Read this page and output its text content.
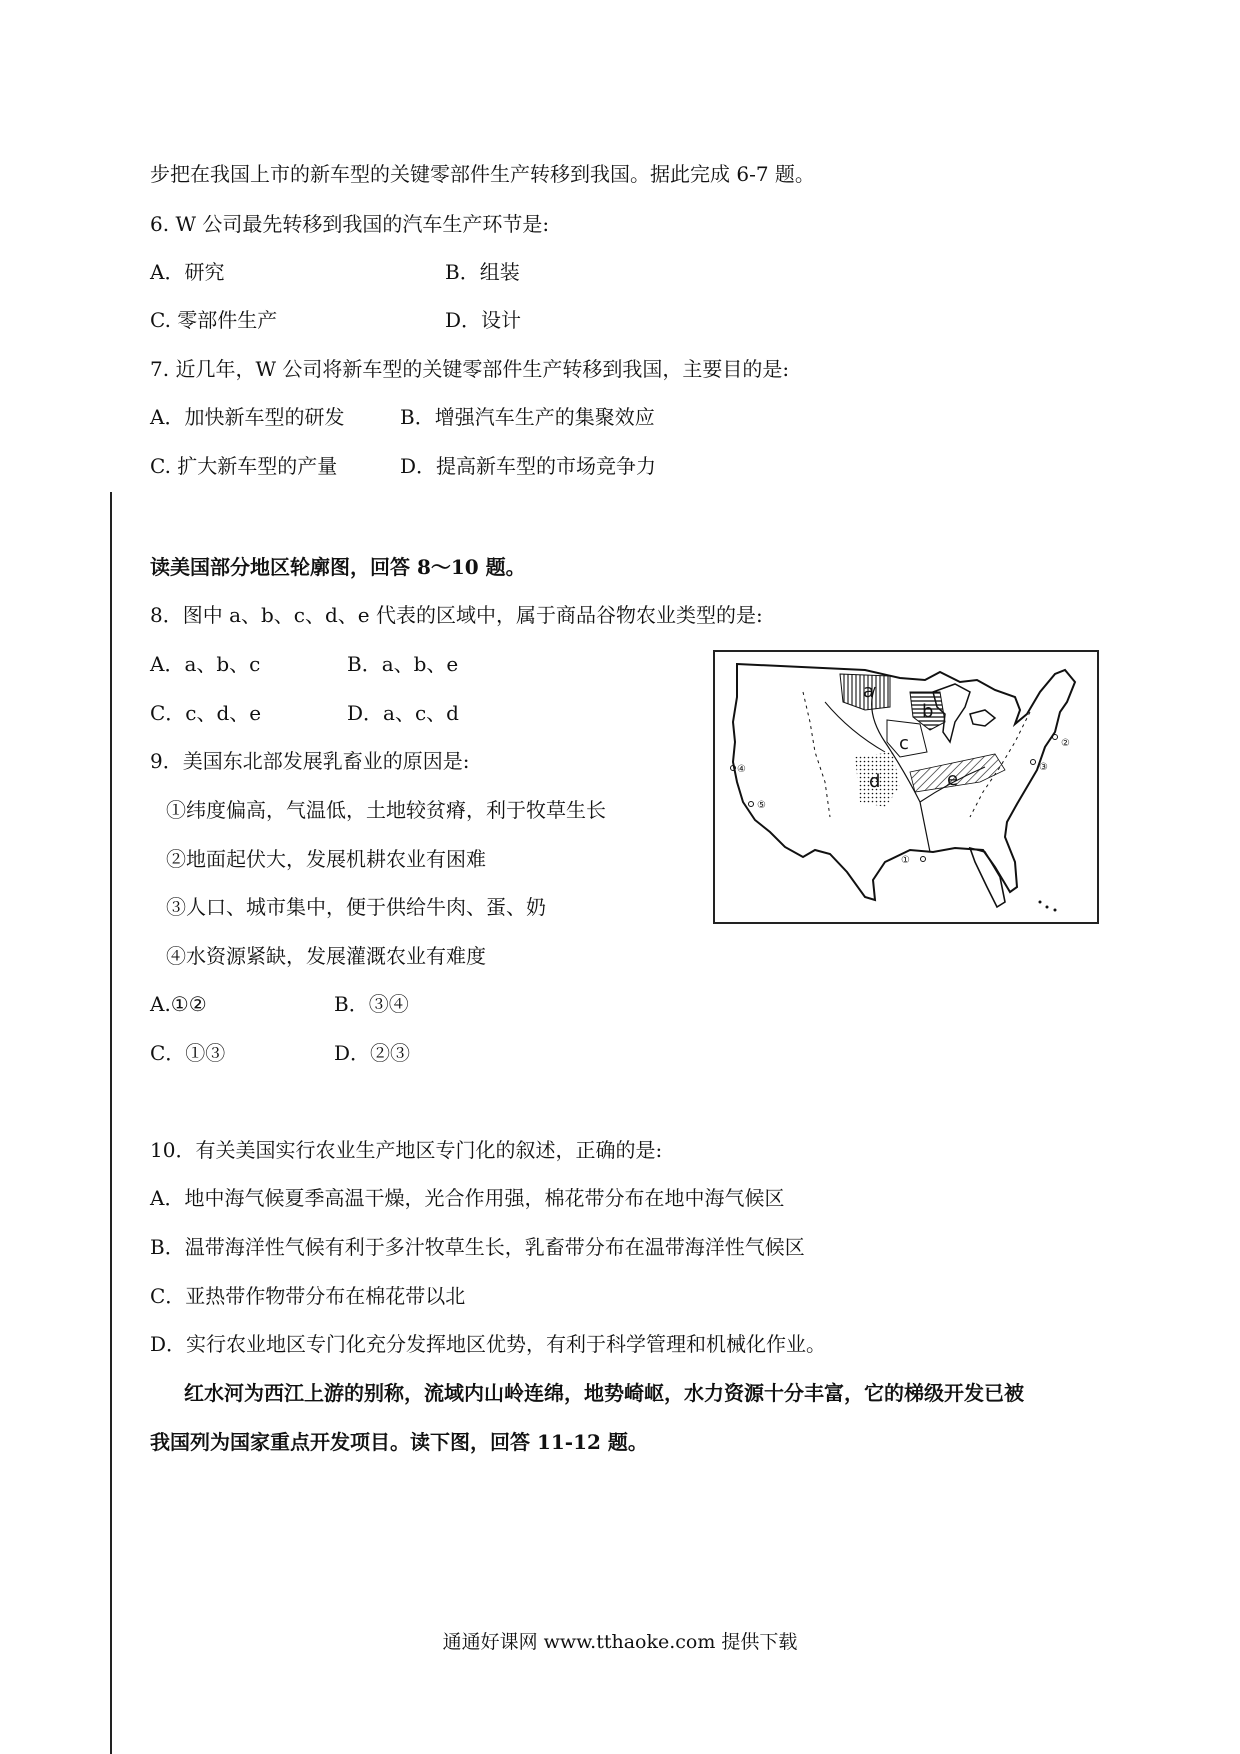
步把在我国上市的新车型的关键零部件生产转移到我国。据此完成 6-7 题。
6. W 公司最先转移到我国的汽车生产环节是:
A．研究	B．组装
C. 零部件生产	D．设计
7. 近几年，W 公司将新车型的关键零部件生产转移到我国，主要目的是:
A．加快新车型的研发	B．增强汽车生产的集聚效应
C. 扩大新车型的产量	D．提高新车型的市场竞争力
读美国部分地区轮廓图，回答 8～10 题。
8．图中 a、b、c、d、e 代表的区域中，属于商品谷物农业类型的是:
A．a、b、c	B．a、b、e
C．c、d、e	D．a、c、d
9．美国东北部发展乳畜业的原因是:
①纬度偏高，气温低，土地较贫瘠，利于牧草生长
②地面起伏大，发展机耕农业有困难
③人口、城市集中，便于供给牛肉、蛋、奶
④水资源紧缺，发展灌溉农业有难度
A.①②	B．③④
C．①③	D．②③
10．有关美国实行农业生产地区专门化的叙述，正确的是:
A．地中海气候夏季高温干燥，光合作用强，棉花带分布在地中海气候区
B．温带海洋性气候有利于多汁牧草生长，乳畜带分布在温带海洋性气候区
C．亚热带作物带分布在棉花带以北
D．实行农业地区专门化充分发挥地区优势，有利于科学管理和机械化作业。
红水河为西江上游的别称，流域内山岭连绵，地势崎岖，水力资源十分丰富，它的梯级开发已被
我国列为国家重点开发项目。读下图，回答 11-12 题。
a
b
c
d	e
①
②
③
④
⑤
通通好课网 www.tthaoke.com 提供下载
